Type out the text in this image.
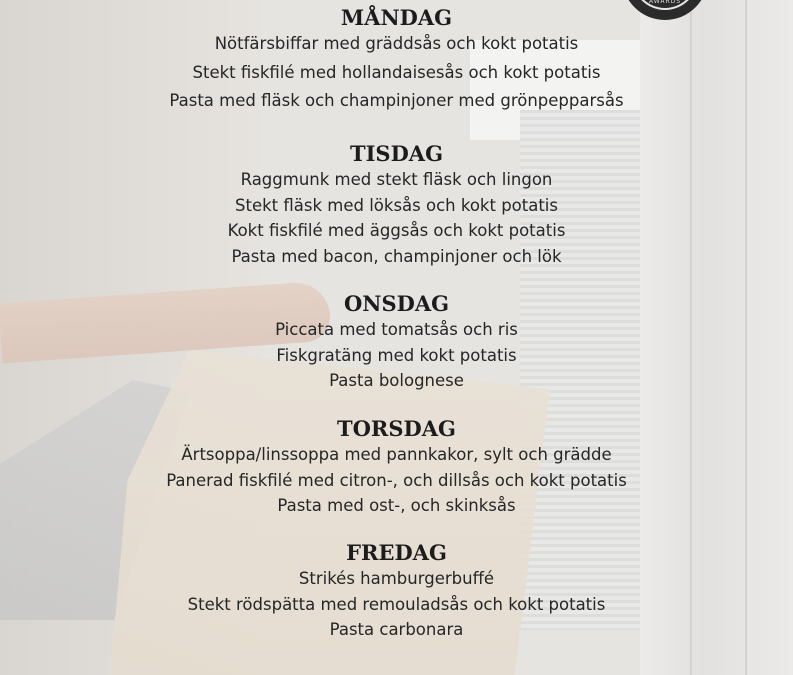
AWARDS
MÅNDAG

Nötfärsbiffar med gräddsås och kokt potatis

Stekt fiskfilé med hollandaisesås och kokt potatis

Pasta med fläsk och champinjoner med grönpepparsås

TISDAG

Raggmunk med stekt fläsk och lingon

Stekt fläsk med löksås och kokt potatis

Kokt fiskfilé med äggsås och kokt potatis

Pasta med bacon, champinjoner och lök

ONSDAG

Piccata med tomatsås och ris

Fiskgratäng med kokt potatis

Pasta bolognese

TORSDAG

Ärtsoppa/linssoppa med pannkakor, sylt och grädde

Panerad fiskfilé med citron-, och dillsås och kokt potatis

Pasta med ost-, och skinksås

FREDAG

Strikés hamburgerbuffé

Stekt rödspätta med remouladsås och kokt potatis

Pasta carbonara
